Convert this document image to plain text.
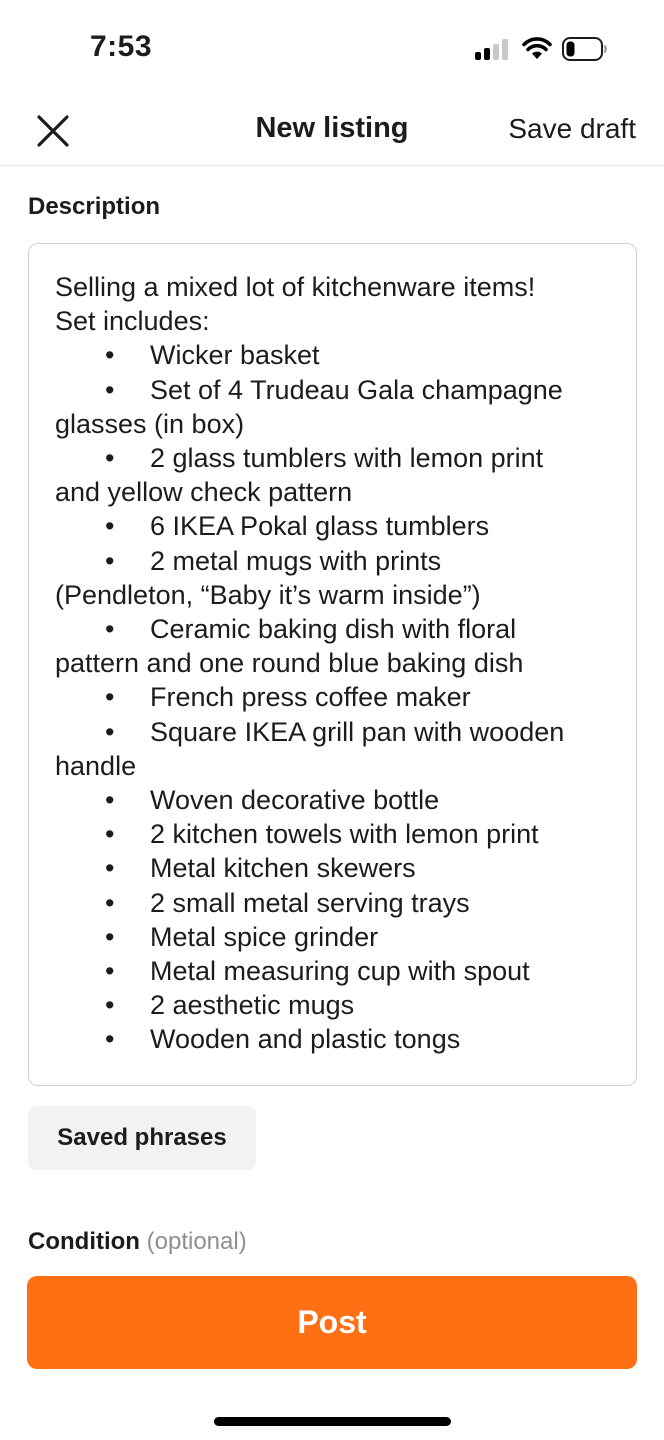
7:53
New listing	Save draft
Description
Selling a mixed lot of kitchenware items!
Set includes:
• Wicker basket
• Set of 4 Trudeau Gala champagne
glasses (in box)
• 2 glass tumblers with lemon print
and yellow check pattern
• 6 IKEA Pokal glass tumblers
• 2 metal mugs with prints
(Pendleton, “Baby it’s warm inside”)
• Ceramic baking dish with floral
pattern and one round blue baking dish
• French press coffee maker
• Square IKEA grill pan with wooden
handle
• Woven decorative bottle
• 2 kitchen towels with lemon print
• Metal kitchen skewers
• 2 small metal serving trays
• Metal spice grinder
• Metal measuring cup with spout
• 2 aesthetic mugs
• Wooden and plastic tongs
Saved phrases
Condition (optional)
Post
